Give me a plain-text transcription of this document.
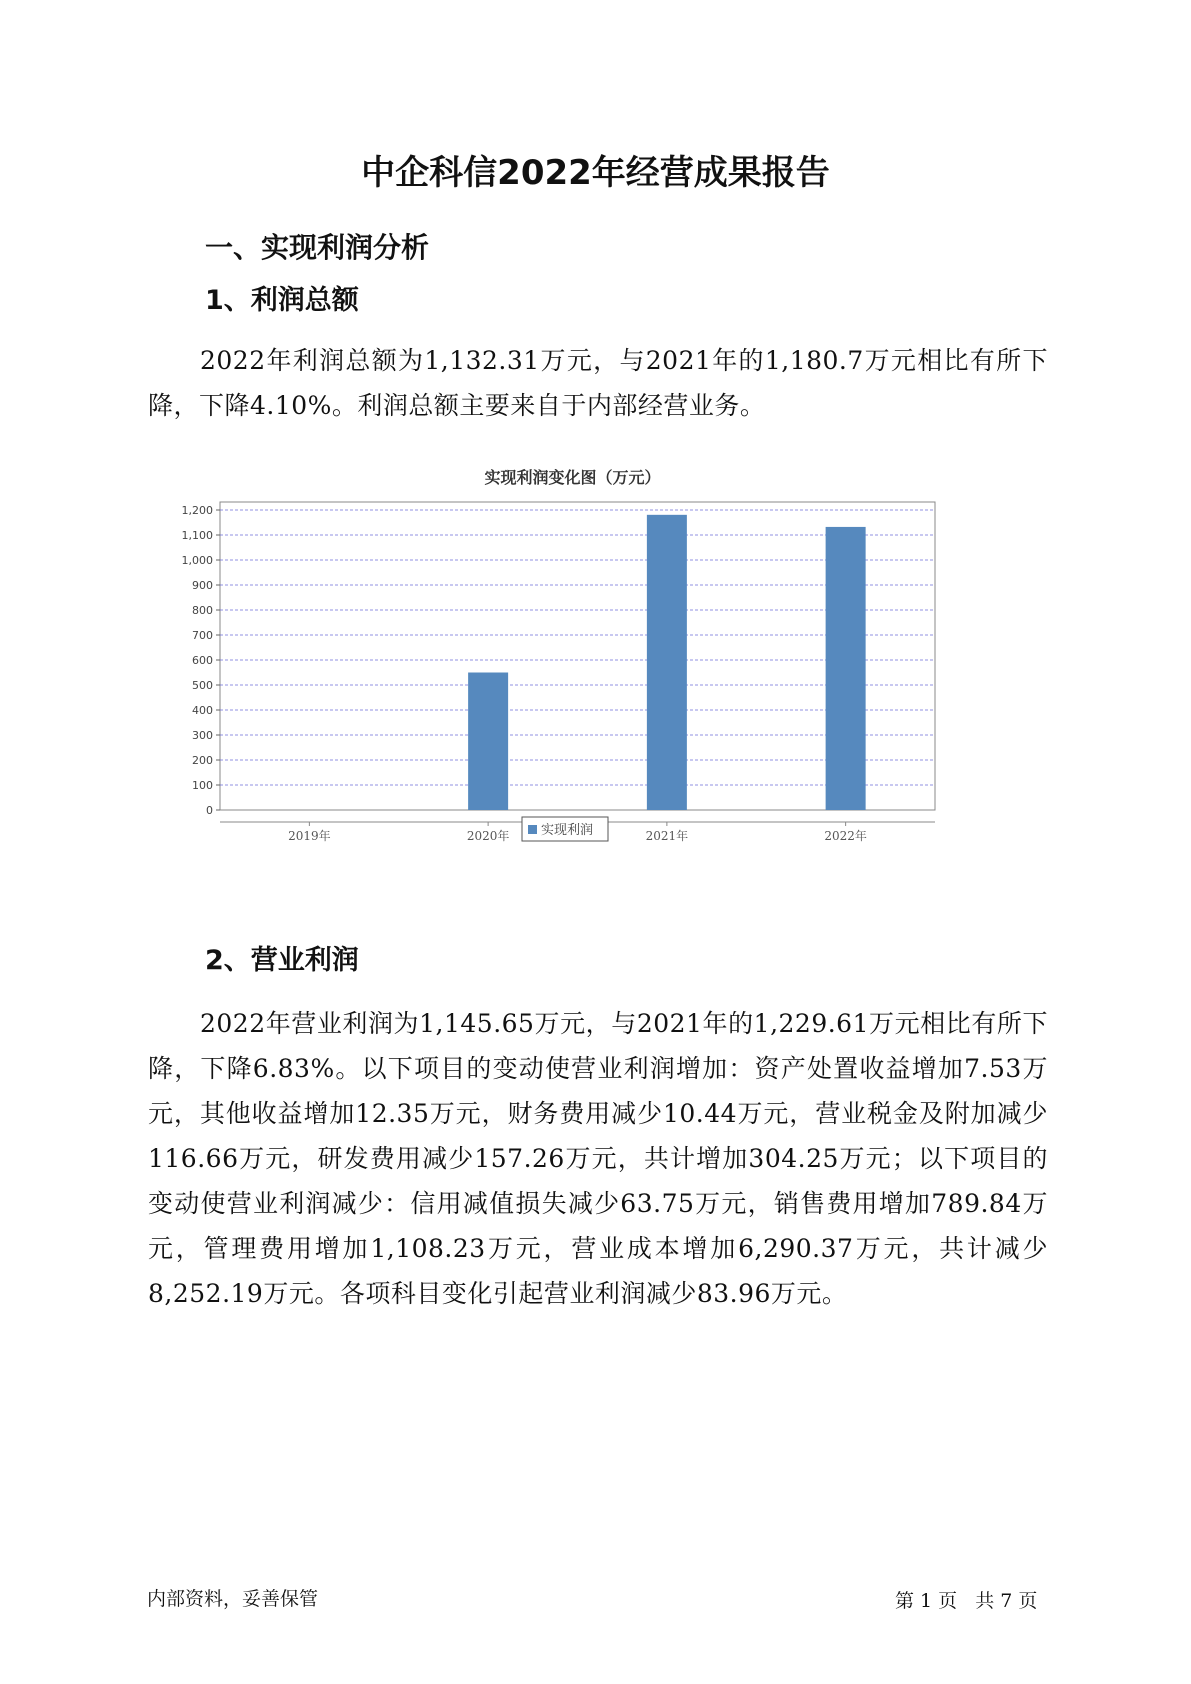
中企科信2022年经营成果报告
一、实现利润分析
1、利润总额
2022年利润总额为1,132.31万元，与2021年的1,180.7万元相比有所下降，下降4.10%。利润总额主要来自于内部经营业务。
实现利润变化图（万元）
0
100
200
300
400
500
600
700
800
900
1,000
1,100
1,200
2019年	2020年	2021年	2022年
实现利润
2、营业利润
2022年营业利润为1,145.65万元，与2021年的1,229.61万元相比有所下降，下降6.83%。以下项目的变动使营业利润增加：资产处置收益增加7.53万元，其他收益增加12.35万元，财务费用减少10.44万元，营业税金及附加减少116.66万元，研发费用减少157.26万元，共计增加304.25万元；以下项目的变动使营业利润减少：信用减值损失减少63.75万元，销售费用增加789.84万元，管理费用增加1,108.23万元，营业成本增加6,290.37万元，共计减少8,252.19万元。各项科目变化引起营业利润减少83.96万元。
内部资料，妥善保管	第 1 页 共 7 页
